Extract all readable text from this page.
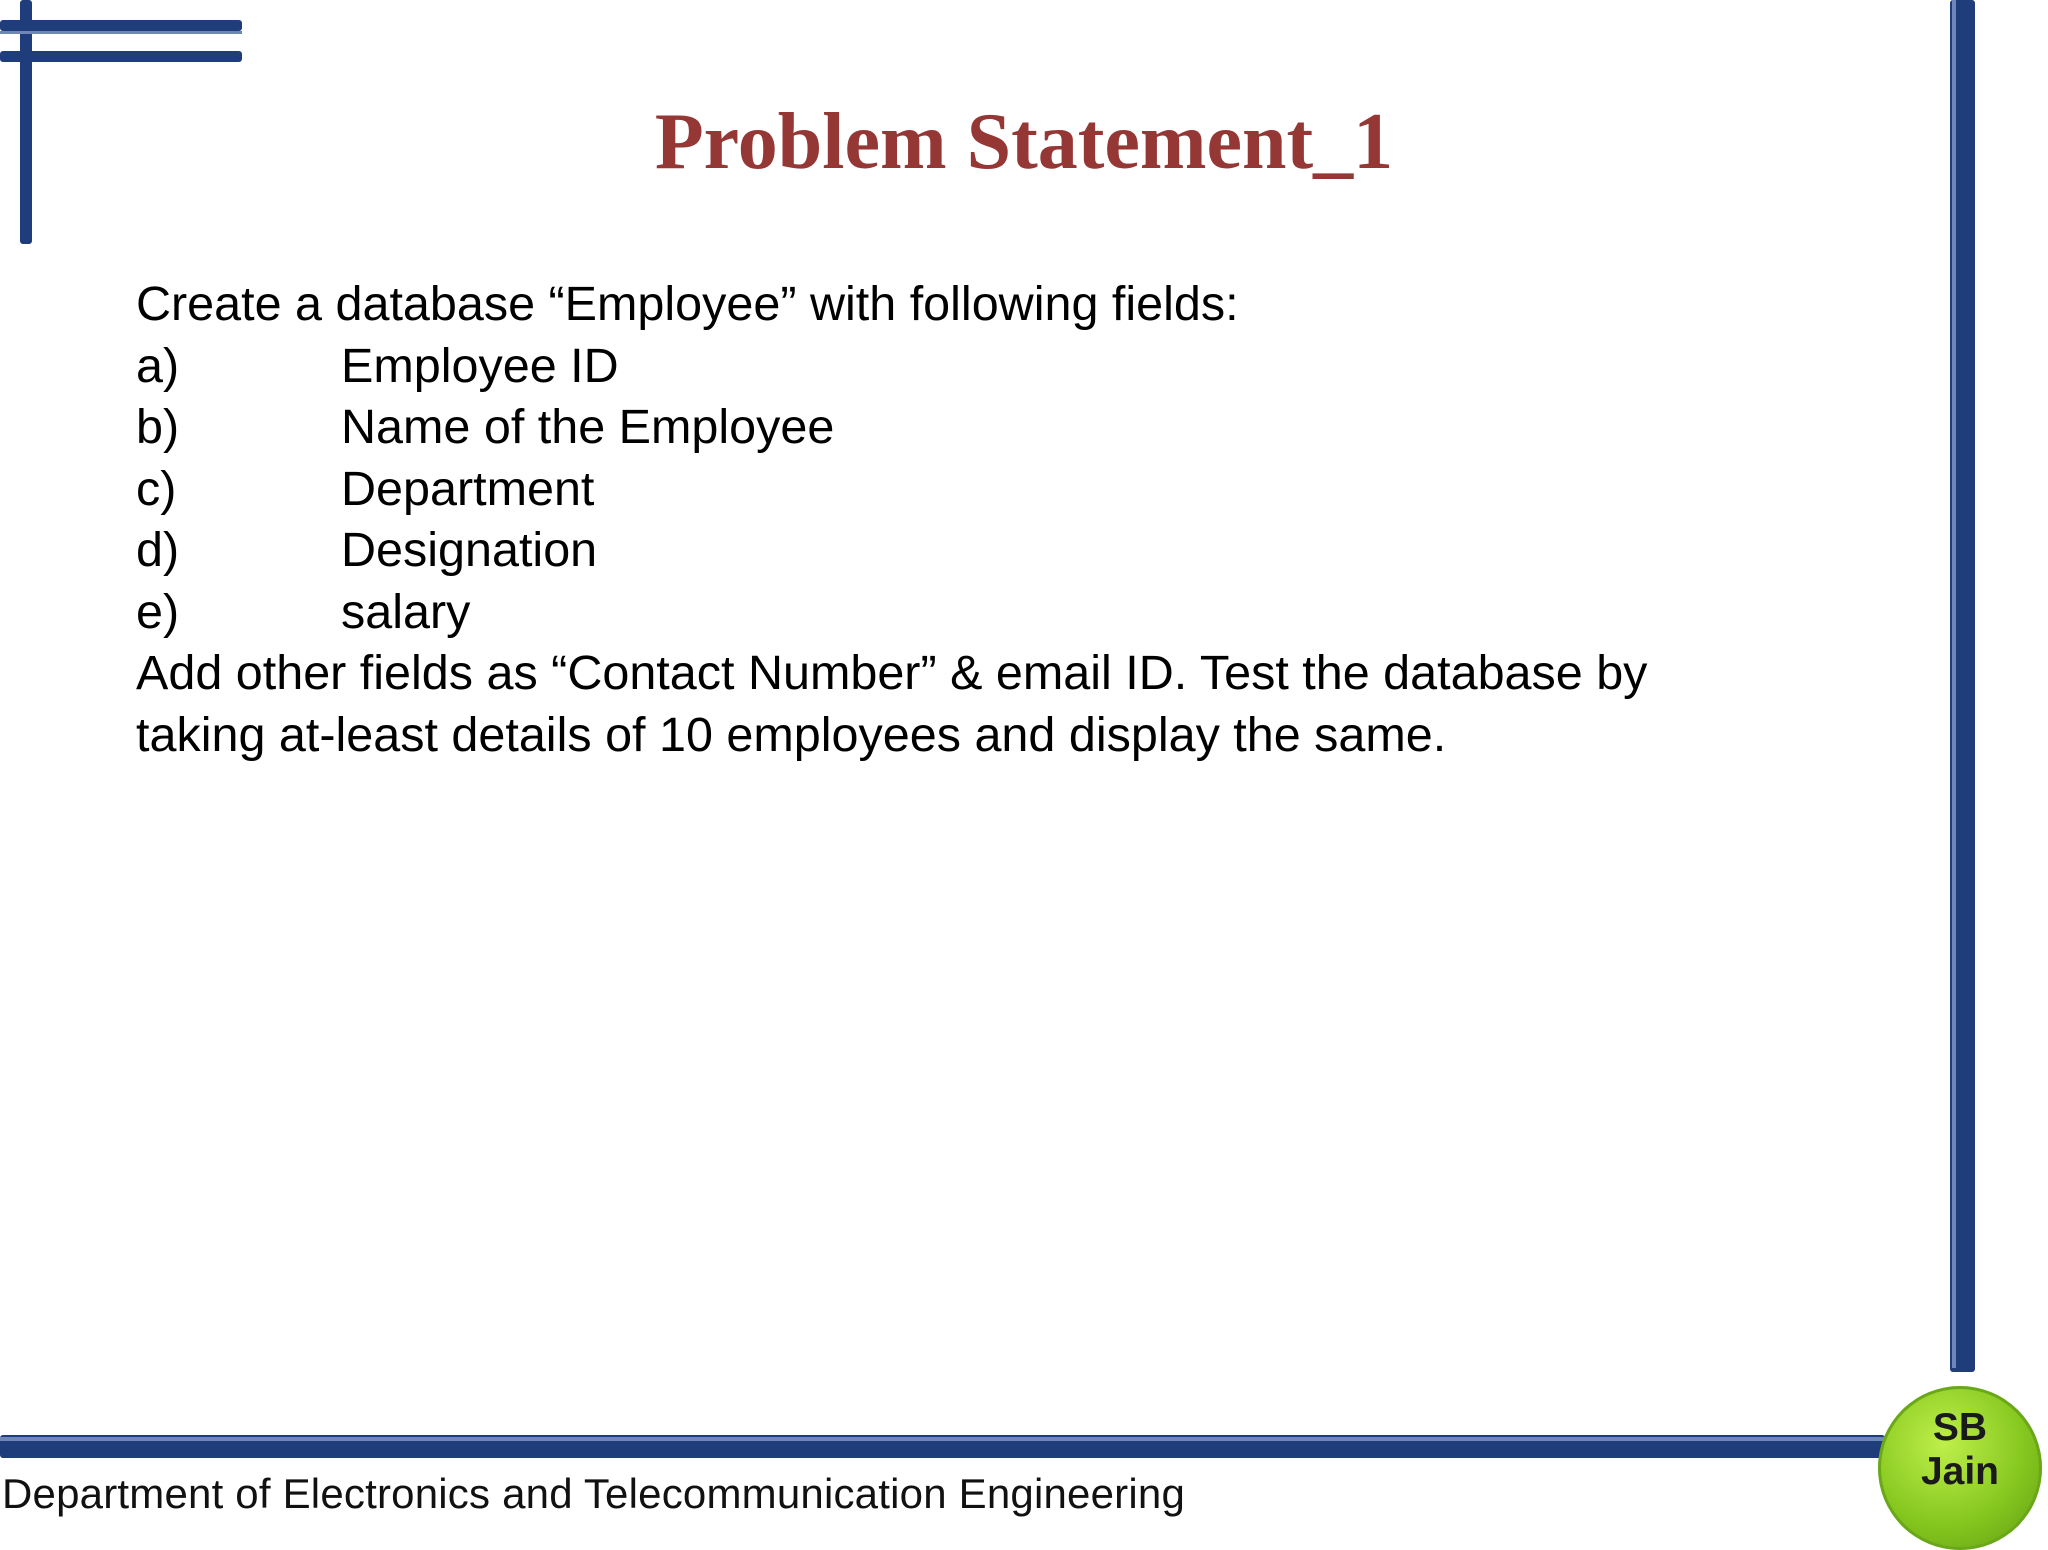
Problem Statement_1
Create a database “Employee” with following fields:
a)	Employee ID
b)	Name of the Employee
c)	Department
d)	Designation
e)	salary
Add other fields as “Contact Number” & email ID. Test the database by
taking at-least details of 10 employees and display the same.
Department of Electronics and Telecommunication Engineering
SB
Jain
